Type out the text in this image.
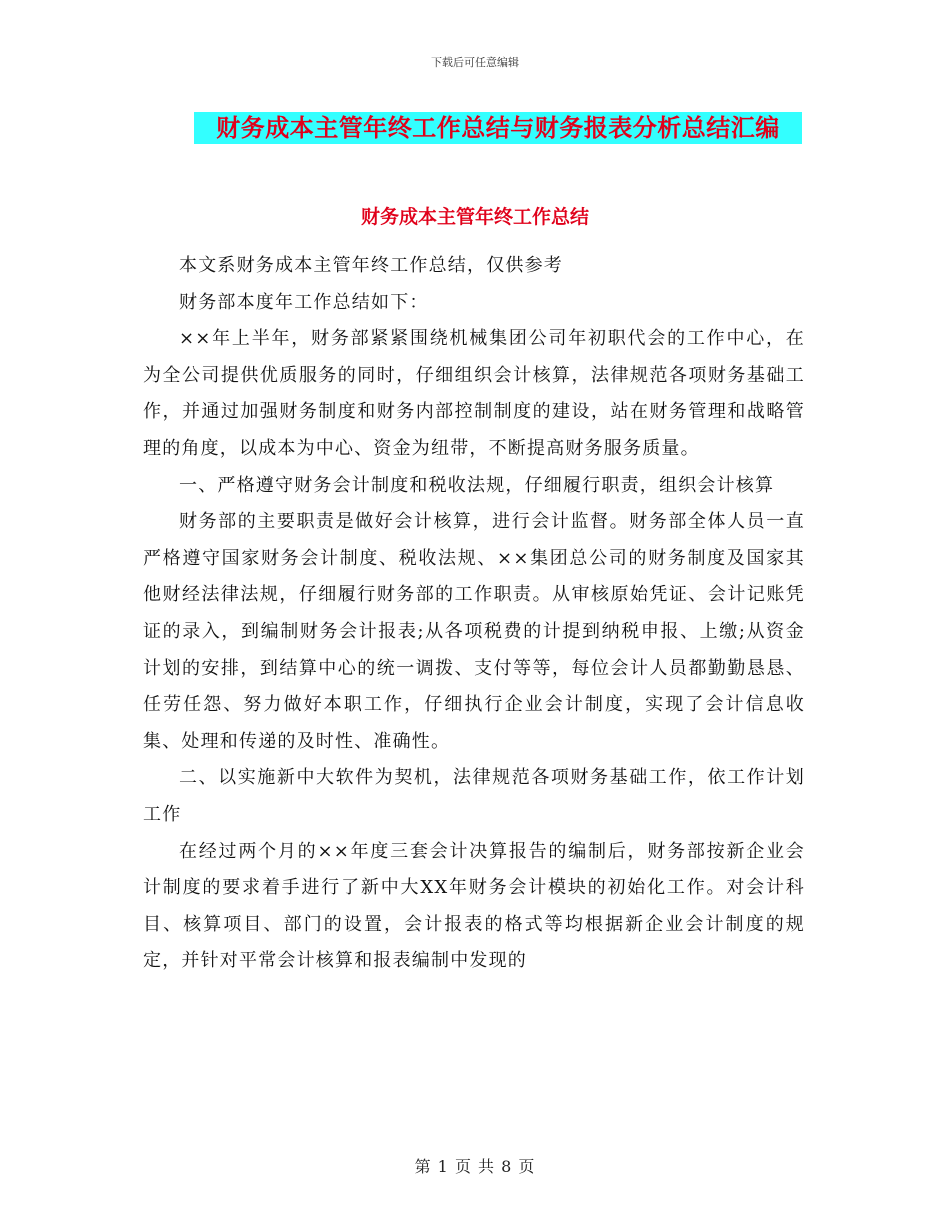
下载后可任意编辑
财务成本主管年终工作总结与财务报表分析总结汇编
财务成本主管年终工作总结

本文系财务成本主管年终工作总结，仅供参考

财务部本度年工作总结如下：

××年上半年，财务部紧紧围绕机械集团公司年初职代会的工作中心，在为全公司提供优质服务的同时，仔细组织会计核算，法律规范各项财务基础工作，并通过加强财务制度和财务内部控制制度的建设，站在财务管理和战略管理的角度，以成本为中心、资金为纽带，不断提高财务服务质量。

一、严格遵守财务会计制度和税收法规，仔细履行职责，组织会计核算

财务部的主要职责是做好会计核算，进行会计监督。财务部全体人员一直严格遵守国家财务会计制度、税收法规、××集团总公司的财务制度及国家其他财经法律法规，仔细履行财务部的工作职责。从审核原始凭证、会计记账凭证的录入，到编制财务会计报表;从各项税费的计提到纳税申报、上缴;从资金计划的安排，到结算中心的统一调拨、支付等等，每位会计人员都勤勤恳恳、任劳任怨、努力做好本职工作，仔细执行企业会计制度，实现了会计信息收集、处理和传递的及时性、准确性。

二、以实施新中大软件为契机，法律规范各项财务基础工作，依工作计划工作

在经过两个月的××年度三套会计决算报告的编制后，财务部按新企业会计制度的要求着手进行了新中大XX年财务会计模块的初始化工作。对会计科目、核算项目、部门的设置，会计报表的格式等均根据新企业会计制度的规定，并针对平常会计核算和报表编制中发现的

第 1 页 共 8 页
